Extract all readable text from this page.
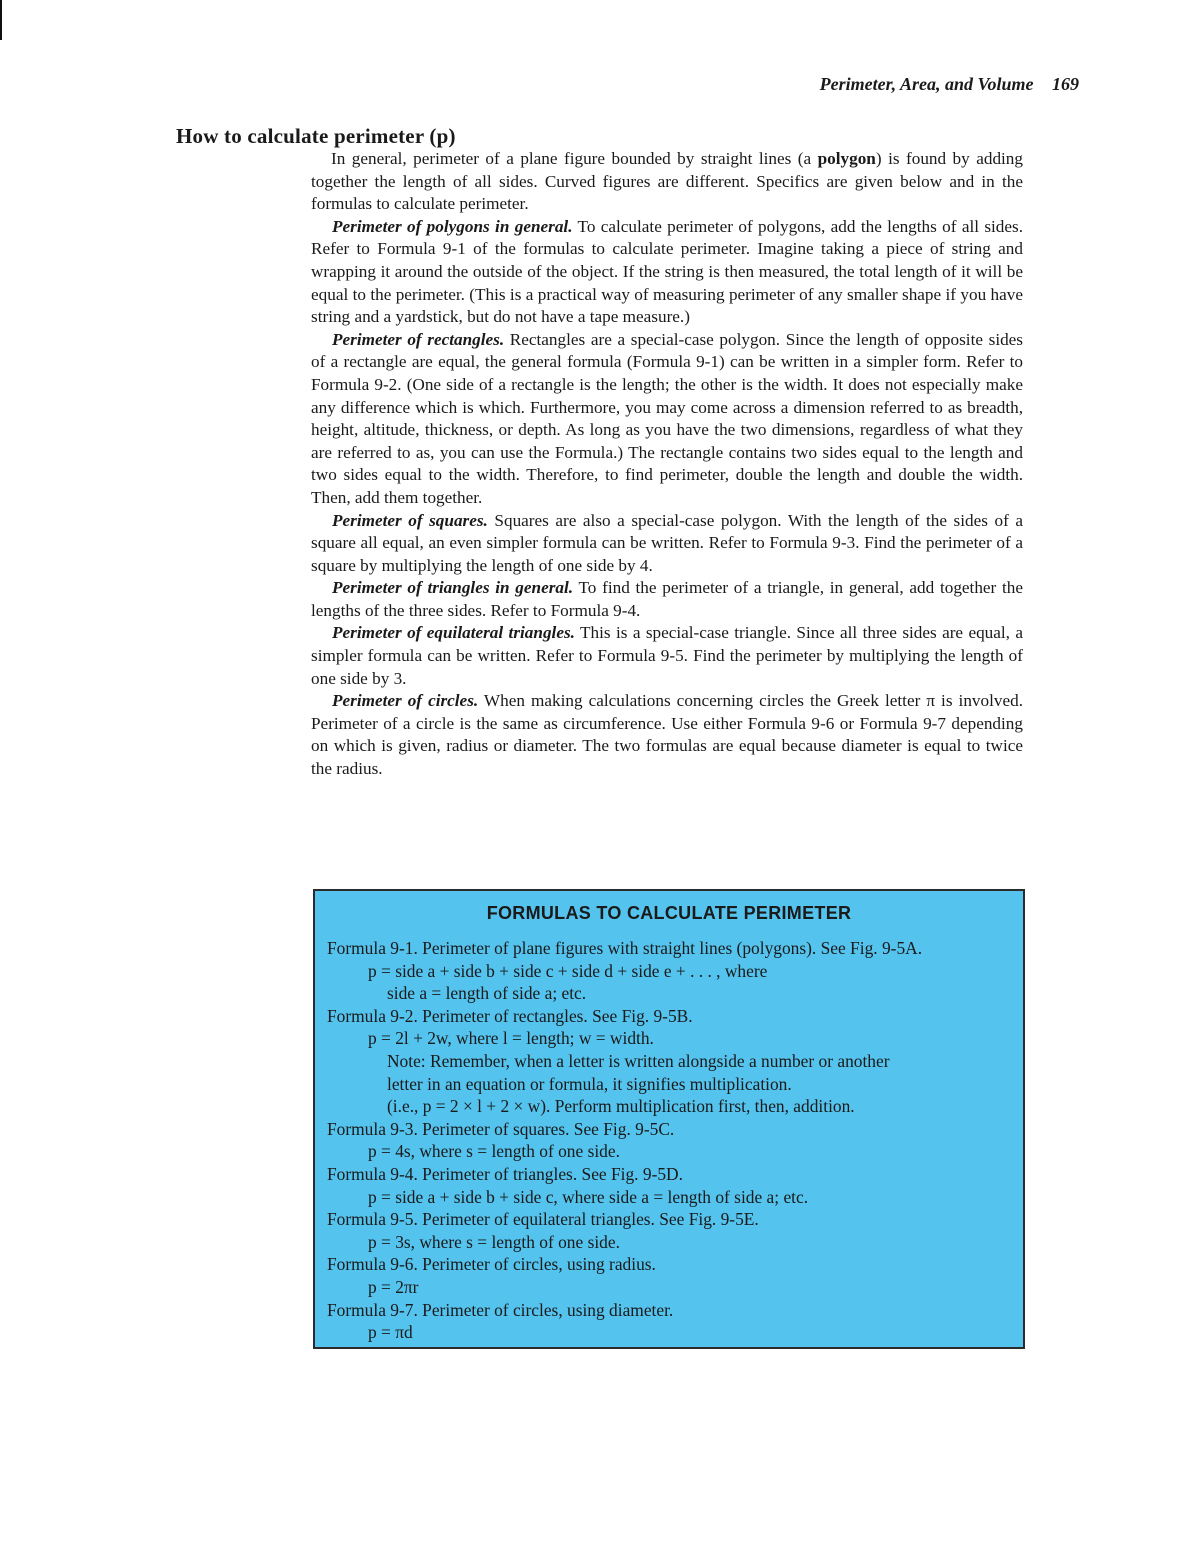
Perimeter, Area, and Volume 169
How to calculate perimeter (p)

In general, perimeter of a plane figure bounded by straight lines (a polygon) is found by adding together the length of all sides. Curved figures are different. Specifics are given below and in the formulas to calculate perimeter.

Perimeter of polygons in general. To calculate perimeter of polygons, add the lengths of all sides. Refer to Formula 9-1 of the formulas to calculate perimeter. Imagine taking a piece of string and wrapping it around the outside of the object. If the string is then measured, the total length of it will be equal to the perimeter. (This is a practical way of measuring perimeter of any smaller shape if you have string and a yardstick, but do not have a tape measure.)

Perimeter of rectangles. Rectangles are a special-case polygon. Since the length of opposite sides of a rectangle are equal, the general formula (Formula 9-1) can be written in a simpler form. Refer to Formula 9-2. (One side of a rectangle is the length; the other is the width. It does not especially make any difference which is which. Furthermore, you may come across a dimension referred to as breadth, height, altitude, thickness, or depth. As long as you have the two dimensions, regardless of what they are referred to as, you can use the Formula.) The rectangle contains two sides equal to the length and two sides equal to the width. Therefore, to find perimeter, double the length and double the width. Then, add them together.

Perimeter of squares. Squares are also a special-case polygon. With the length of the sides of a square all equal, an even simpler formula can be written. Refer to Formula 9-3. Find the perimeter of a square by multiplying the length of one side by 4.

Perimeter of triangles in general. To find the perimeter of a triangle, in general, add together the lengths of the three sides. Refer to Formula 9-4.

Perimeter of equilateral triangles. This is a special-case triangle. Since all three sides are equal, a simpler formula can be written. Refer to Formula 9-5. Find the perimeter by multiplying the length of one side by 3.

Perimeter of circles. When making calculations concerning circles the Greek letter π is involved. Perimeter of a circle is the same as circumference. Use either Formula 9-6 or Formula 9-7 depending on which is given, radius or diameter. The two formulas are equal because diameter is equal to twice the radius.

FORMULAS TO CALCULATE PERIMETER
Formula 9-1. Perimeter of plane figures with straight lines (polygons). See Fig. 9-5A.
p = side a + side b + side c + side d + side e + . . . , where
side a = length of side a; etc.
Formula 9-2. Perimeter of rectangles. See Fig. 9-5B.
p = 2l + 2w, where l = length; w = width.
Note: Remember, when a letter is written alongside a number or another
letter in an equation or formula, it signifies multiplication.
(i.e., p = 2 × l + 2 × w). Perform multiplication first, then, addition.
Formula 9-3. Perimeter of squares. See Fig. 9-5C.
p = 4s, where s = length of one side.
Formula 9-4. Perimeter of triangles. See Fig. 9-5D.
p = side a + side b + side c, where side a = length of side a; etc.
Formula 9-5. Perimeter of equilateral triangles. See Fig. 9-5E.
p = 3s, where s = length of one side.
Formula 9-6. Perimeter of circles, using radius.
p = 2πr
Formula 9-7. Perimeter of circles, using diameter.
p = πd
